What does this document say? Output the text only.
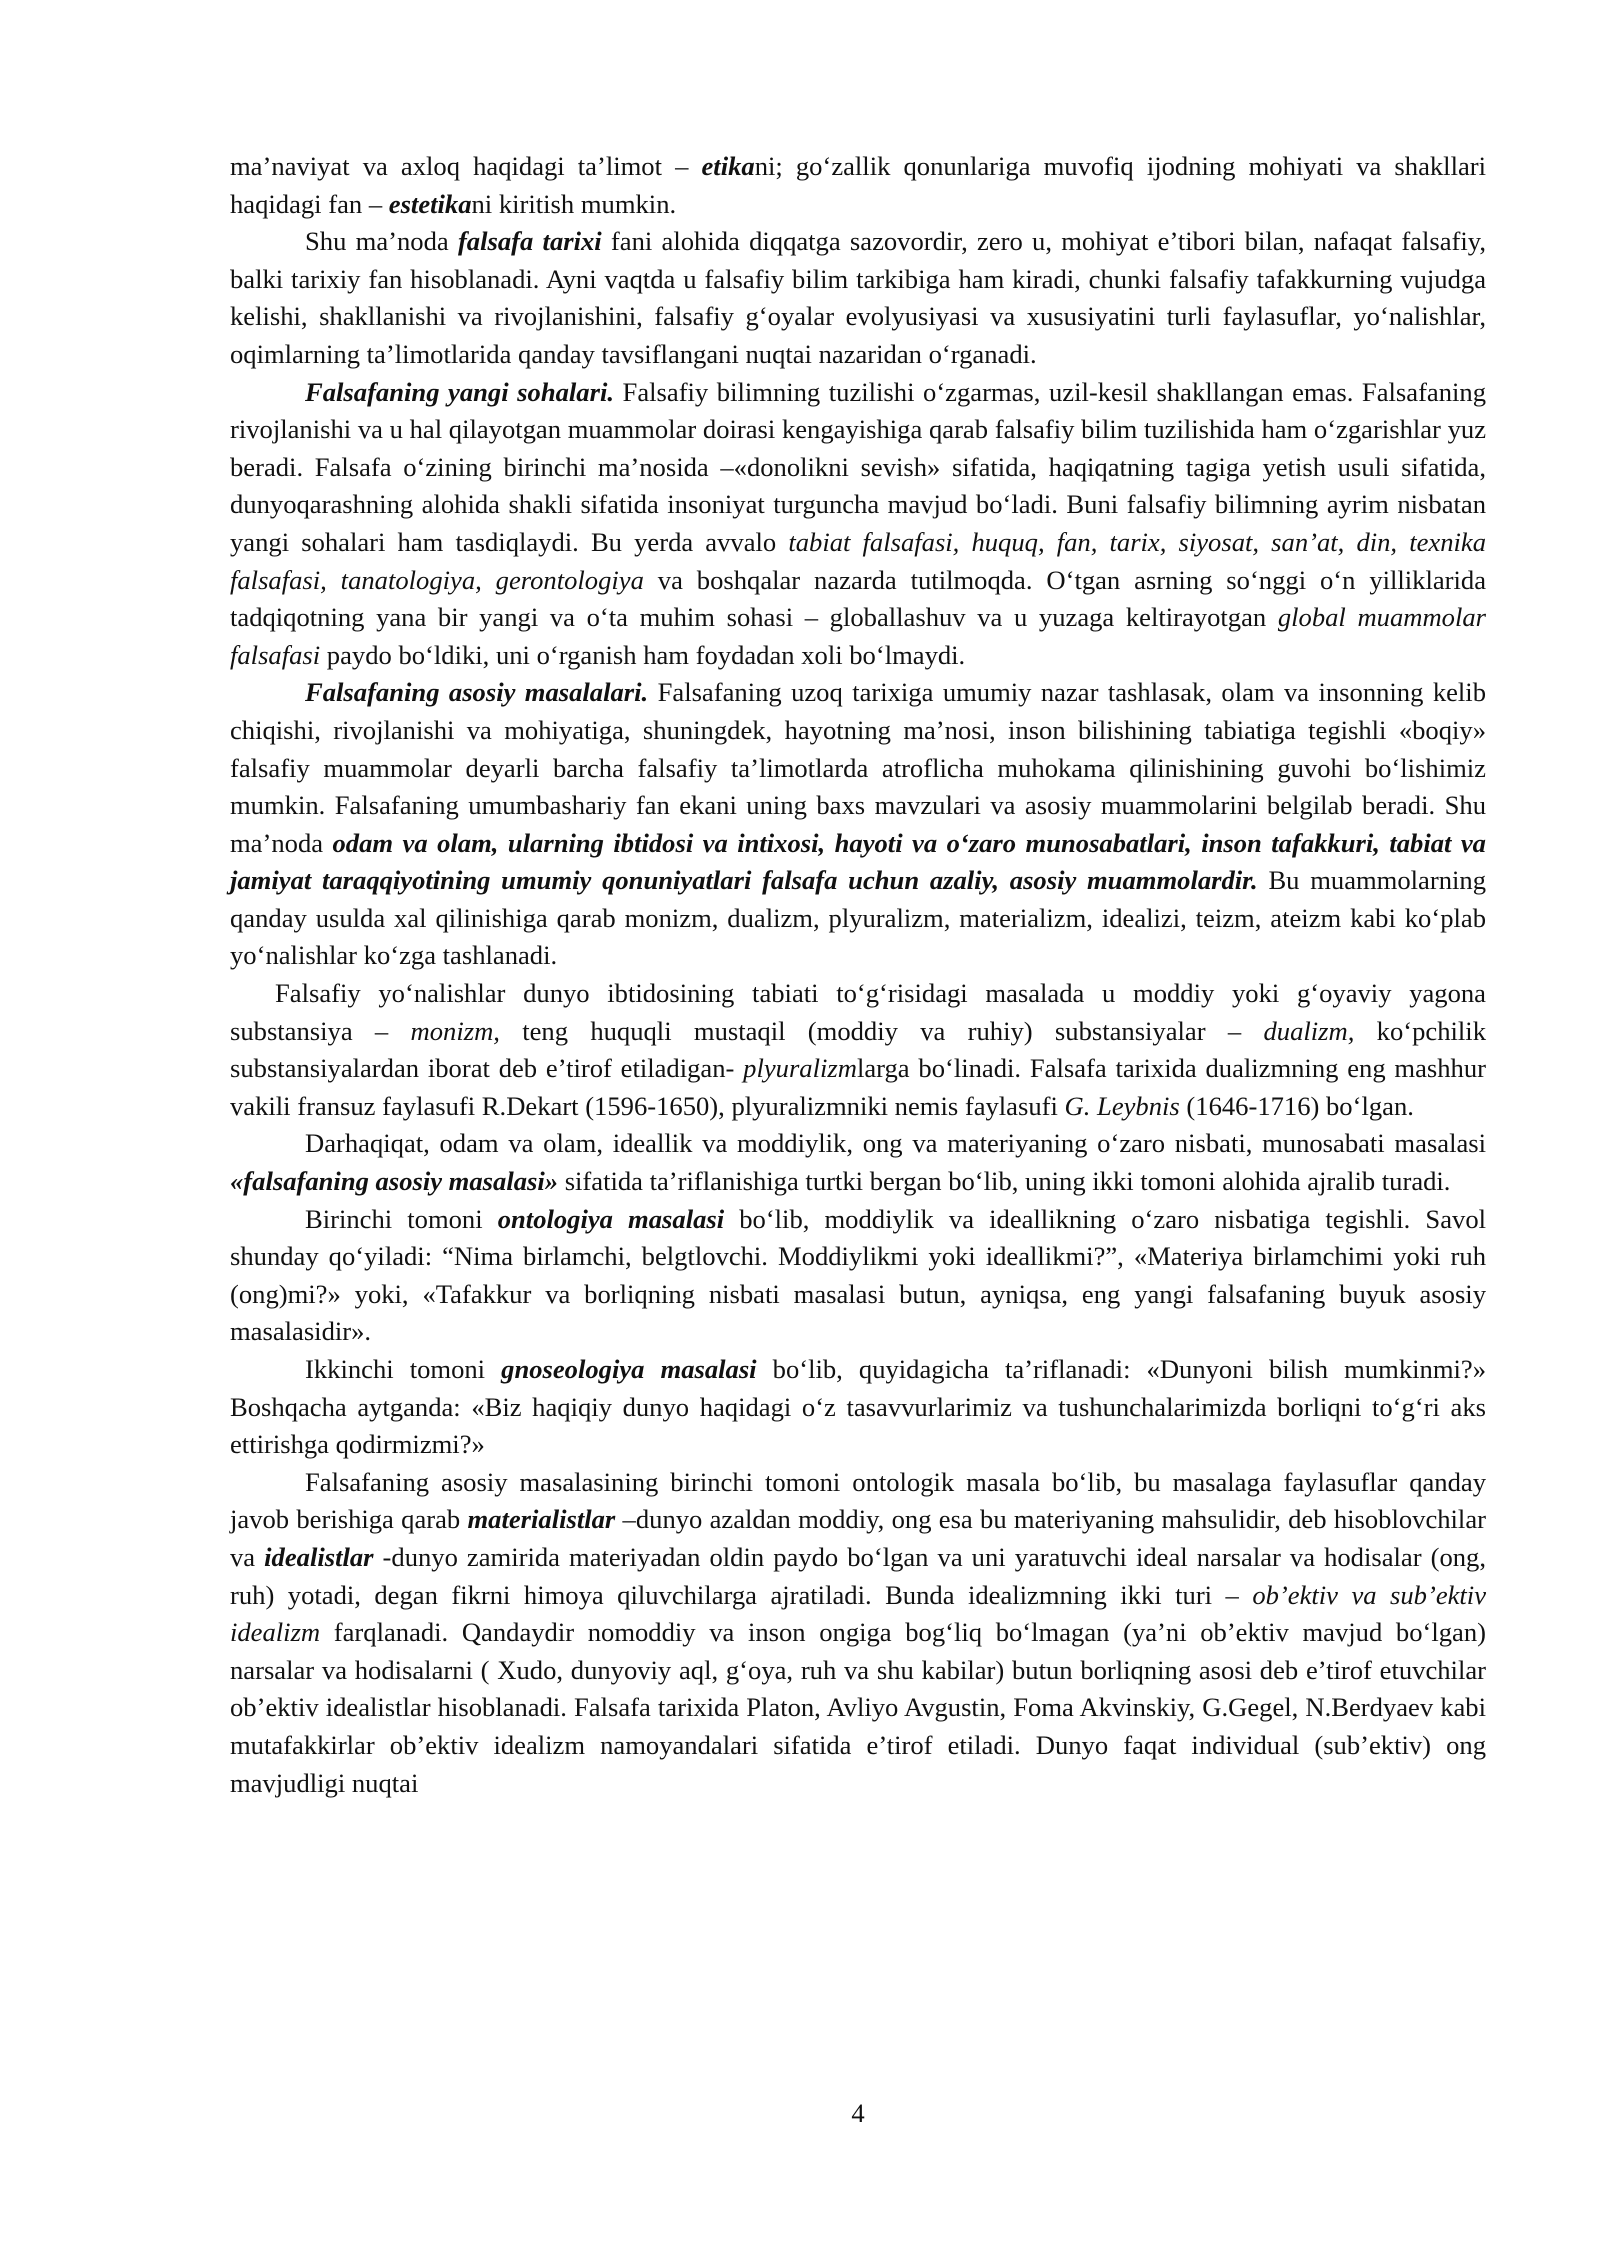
ma’naviyat va axloq haqidagi ta’limot – etikani; go‘zallik qonunlariga muvofiq ijodning mohiyati va shakllari haqidagi fan – estetikani kiritish mumkin.

Shu ma’noda falsafa tarixi fani alohida diqqatga sazovordir, zero u, mohiyat e’tibori bilan, nafaqat falsafiy, balki tarixiy fan hisoblanadi. Ayni vaqtda u falsafiy bilim tarkibiga ham kiradi, chunki falsafiy tafakkurning vujudga kelishi, shakllanishi va rivojlanishini, falsafiy g‘oyalar evolyusiyasi va xususiyatini turli faylasuflar, yo‘nalishlar, oqimlarning ta’limotlarida qanday tavsiflangani nuqtai nazaridan o‘rganadi.

Falsafaning yangi sohalari. Falsafiy bilimning tuzilishi o‘zgarmas, uzil-kesil shakllangan emas. Falsafaning rivojlanishi va u hal qilayotgan muammolar doirasi kengayishiga qarab falsafiy bilim tuzilishida ham o‘zgarishlar yuz beradi. Falsafa o‘zining birinchi ma’nosida –«donolikni sevish» sifatida, haqiqatning tagiga yetish usuli sifatida, dunyoqarashning alohida shakli sifatida insoniyat turguncha mavjud bo‘ladi. Buni falsafiy bilimning ayrim nisbatan yangi sohalari ham tasdiqlaydi. Bu yerda avvalo tabiat falsafasi, huquq, fan, tarix, siyosat, san’at, din, texnika falsafasi, tanatologiya, gerontologiya va boshqalar nazarda tutilmoqda. O‘tgan asrning so‘nggi o‘n yilliklarida tadqiqotning yana bir yangi va o‘ta muhim sohasi – globallashuv va u yuzaga keltirayotgan global muammolar falsafasi paydo bo‘ldiki, uni o‘rganish ham foydadan xoli bo‘lmaydi.

Falsafaning asosiy masalalari. Falsafaning uzoq tarixiga umumiy nazar tashlasak, olam va insonning kelib chiqishi, rivojlanishi va mohiyatiga, shuningdek, hayotning ma’nosi, inson bilishining tabiatiga tegishli «boqiy» falsafiy muammolar deyarli barcha falsafiy ta’limotlarda atroflicha muhokama qilinishining guvohi bo‘lishimiz mumkin. Falsafaning umumbashariy fan ekani uning baxs mavzulari va asosiy muammolarini belgilab beradi. Shu ma’noda odam va olam, ularning ibtidosi va intixosi, hayoti va o‘zaro munosabatlari, inson tafakkuri, tabiat va jamiyat taraqqiyotining umumiy qonuniyatlari falsafa uchun azaliy, asosiy muammolardir. Bu muammolarning qanday usulda xal qilinishiga qarab monizm, dualizm, plyuralizm, materializm, idealizi, teizm, ateizm kabi ko‘plab yo‘nalishlar ko‘zga tashlanadi.

Falsafiy yo‘nalishlar dunyo ibtidosining tabiati to‘g‘risidagi masalada u moddiy yoki g‘oyaviy yagona substansiya – monizm, teng huquqli mustaqil (moddiy va ruhiy) substansiyalar – dualizm, ko‘pchilik substansiyalardan iborat deb e’tirof etiladigan- plyuralizmlarga bo‘linadi. Falsafa tarixida dualizmning eng mashhur vakili fransuz faylasufi R.Dekart (1596-1650), plyuralizmniki nemis faylasufi G. Leybnis (1646-1716) bo‘lgan.

Darhaqiqat, odam va olam, ideallik va moddiylik, ong va materiyaning o‘zaro nisbati, munosabati masalasi «falsafaning asosiy masalasi» sifatida ta’riflanishiga turtki bergan bo‘lib, uning ikki tomoni alohida ajralib turadi.

Birinchi tomoni ontologiya masalasi bo‘lib, moddiylik va ideallikning o‘zaro nisbatiga tegishli. Savol shunday qo‘yiladi: “Nima birlamchi, belgtlovchi. Moddiylikmi yoki ideallikmi?”, «Materiya birlamchimi yoki ruh (ong)mi?» yoki, «Tafakkur va borliqning nisbati masalasi butun, ayniqsa, eng yangi falsafaning buyuk asosiy masalasidir».

Ikkinchi tomoni gnoseologiya masalasi bo‘lib, quyidagicha ta’riflanadi: «Dunyoni bilish mumkinmi?» Boshqacha aytganda: «Biz haqiqiy dunyo haqidagi o‘z tasavvurlarimiz va tushunchalarimizda borliqni to‘g‘ri aks ettirishga qodirmizmi?»

Falsafaning asosiy masalasining birinchi tomoni ontologik masala bo‘lib, bu masalaga faylasuflar qanday javob berishiga qarab materialistlar –dunyo azaldan moddiy, ong esa bu materiyaning mahsulidir, deb hisoblovchilar va idealistlar -dunyo zamirida materiyadan oldin paydo bo‘lgan va uni yaratuvchi ideal narsalar va hodisalar (ong, ruh) yotadi, degan fikrni himoya qiluvchilarga ajratiladi. Bunda idealizmning ikki turi – ob’ektiv va sub’ektiv idealizm farqlanadi. Qandaydir nomoddiy va inson ongiga bog‘liq bo‘lmagan (ya’ni ob’ektiv mavjud bo‘lgan) narsalar va hodisalarni ( Xudo, dunyoviy aql, g‘oya, ruh va shu kabilar) butun borliqning asosi deb e’tirof etuvchilar ob’ektiv idealistlar hisoblanadi. Falsafa tarixida Platon, Avliyo Avgustin, Foma Akvinskiy, G.Gegel, N.Berdyaev kabi mutafakkirlar ob’ektiv idealizm namoyandalari sifatida e’tirof etiladi. Dunyo faqat individual (sub’ektiv) ong mavjudligi nuqtai

4
